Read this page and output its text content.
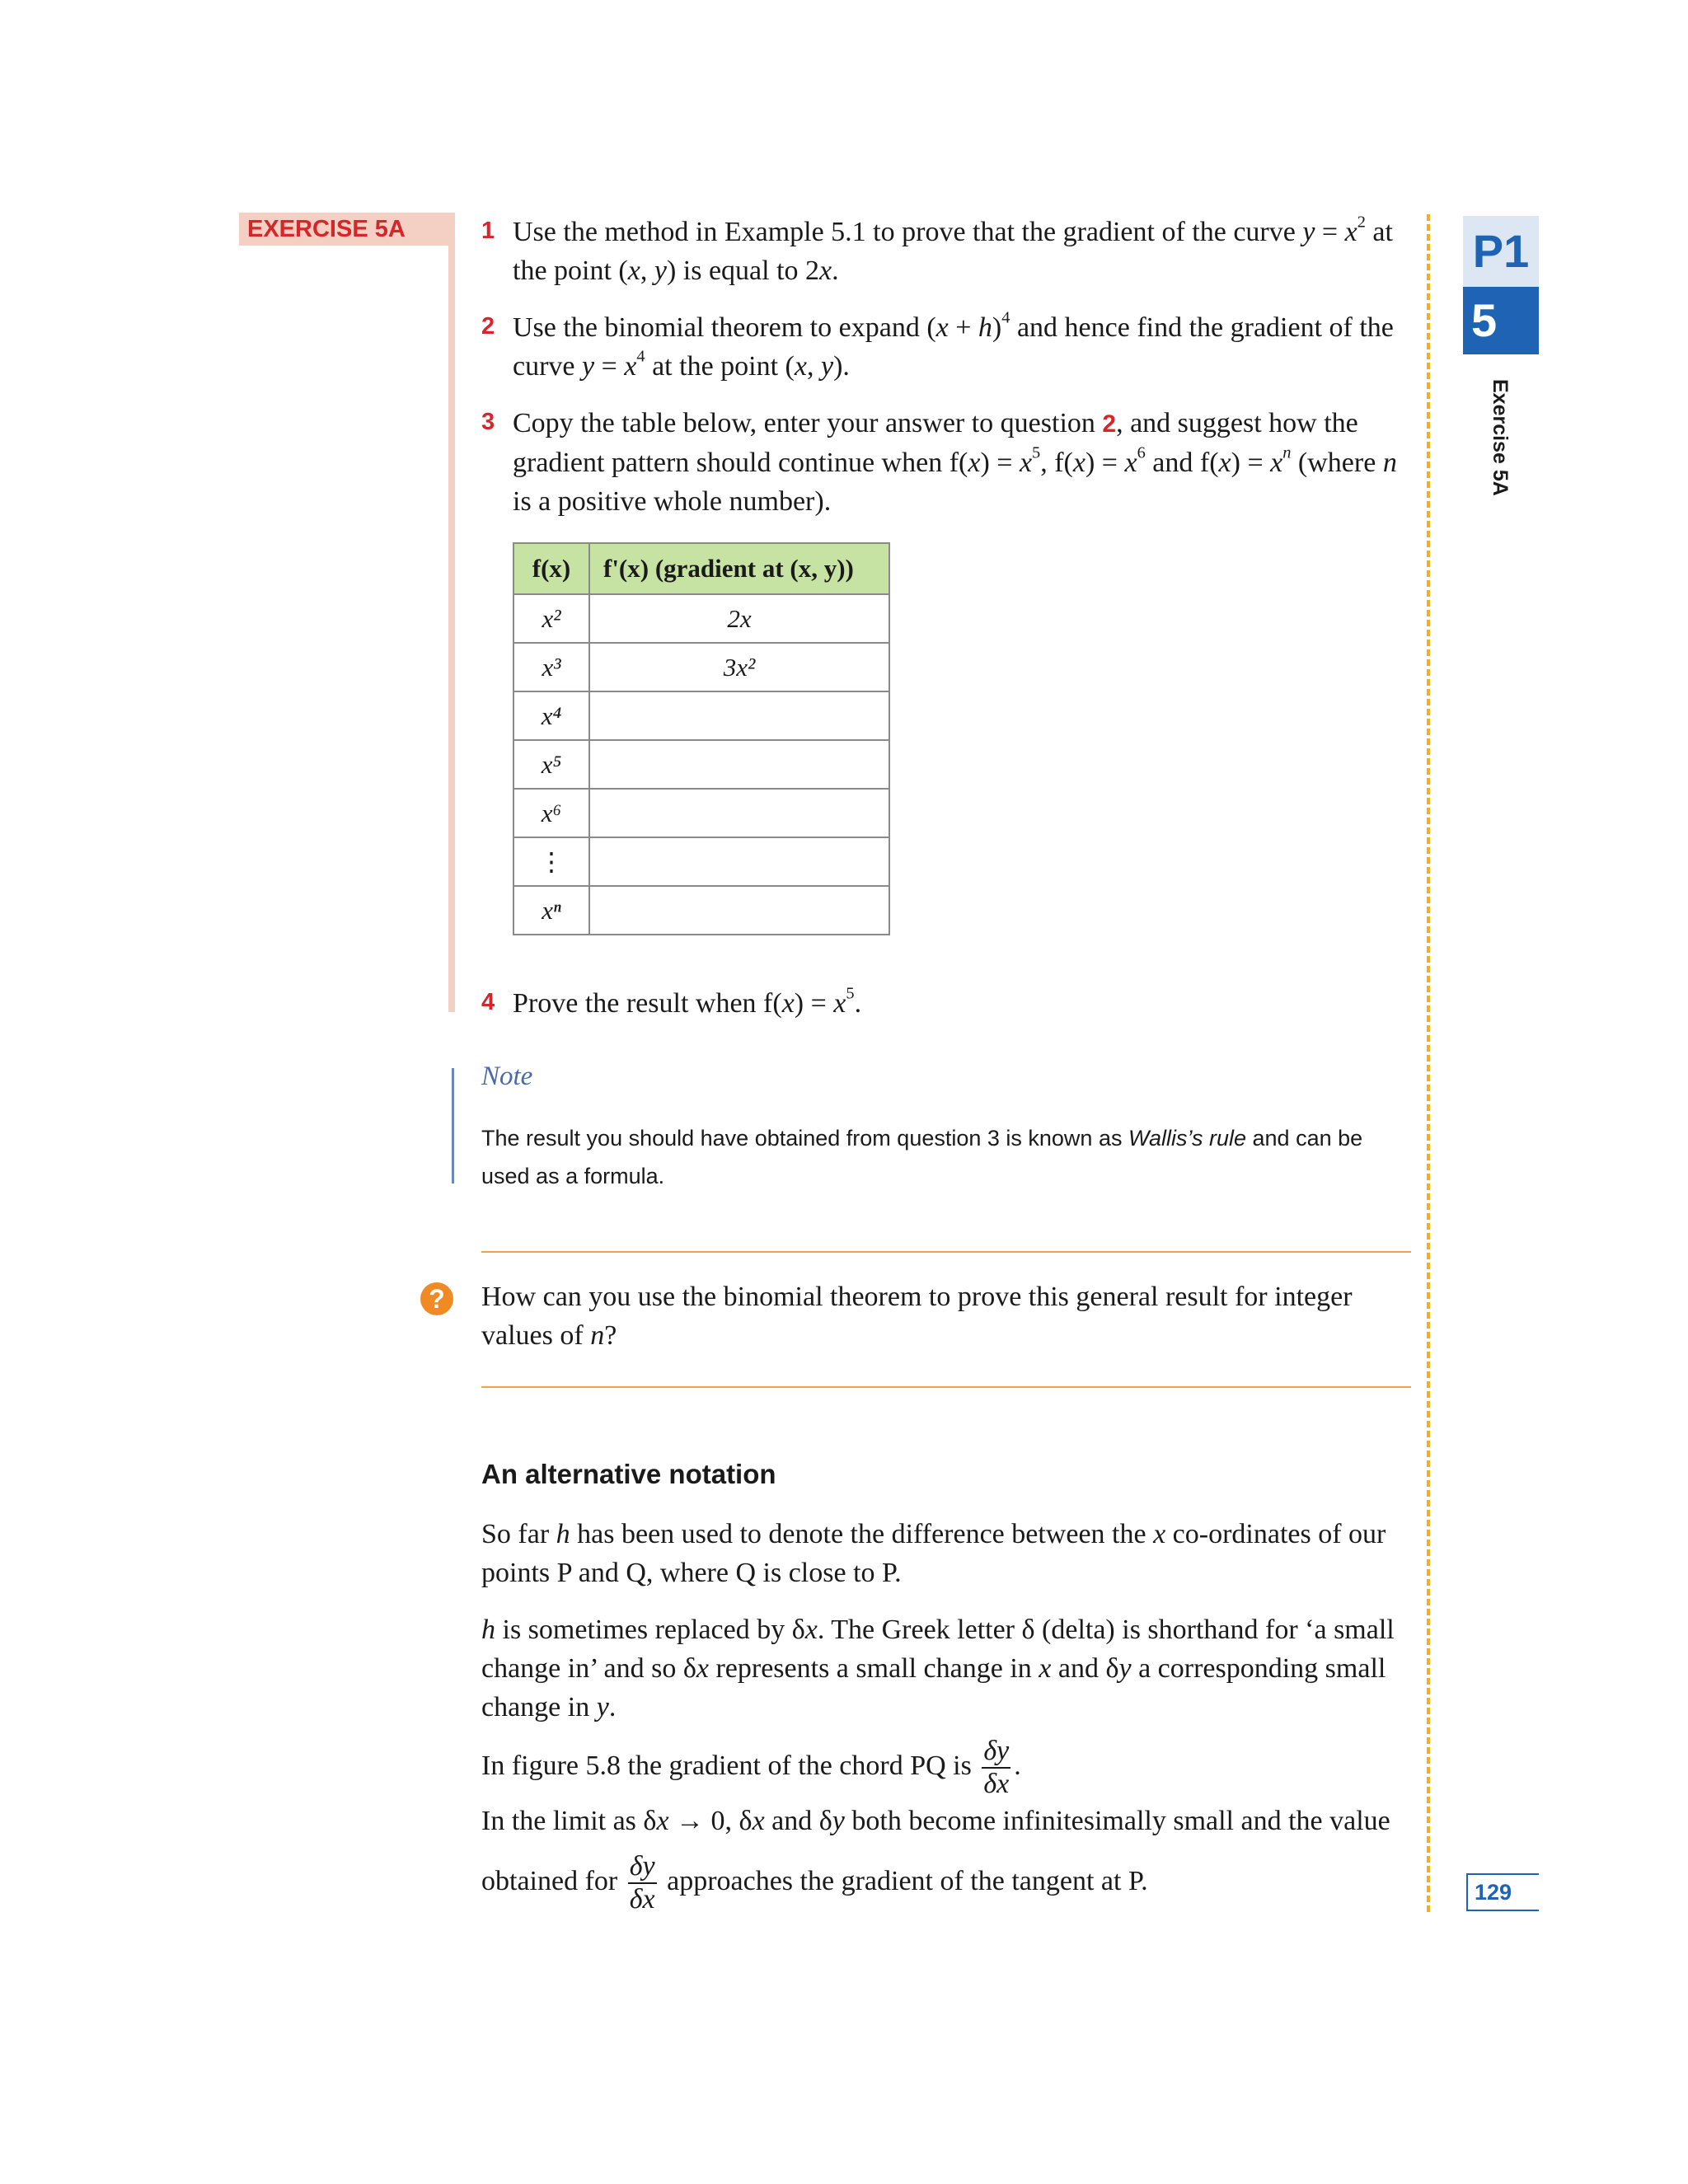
EXERCISE 5A	1 Use the method in Example 5.1 to prove that the gradient of the curve $y = x^2$ at the point (x, y) is equal to 2x.
2 Use the binomial theorem to expand $(x + h)^4$ and hence find the gradient of the curve $y = x^4$ at the point (x, y).
3 Copy the table below, enter your answer to question 2, and suggest how the gradient pattern should continue when $f(x) = x^5$, $f(x) = x^6$ and $f(x) = x^n$ (where n is a positive whole number).
f(x)	f'(x) (gradient at (x, y))
x²	2x
x³	3x²
x⁴	
x⁵	
x⁶	
⋮	
xⁿ	
4 Prove the result when $f(x) = x^5$.
Note
The result you should have obtained from question 3 is known as Wallis’s rule and can be used as a formula.
?	How can you use the binomial theorem to prove this general result for integer values of n?
An alternative notation
So far h has been used to denote the difference between the x co-ordinates of our points P and Q, where Q is close to P.
h is sometimes replaced by δx. The Greek letter δ (delta) is shorthand for ‘a small change in’ and so δx represents a small change in x and δy a corresponding small change in y.
In figure 5.8 the gradient of the chord PQ is $\frac{\delta y}{\delta x}$ .
In the limit as δx → 0, δx and δy both become infinitesimally small and the value
obtained for $\frac{\delta y}{\delta x}$ approaches the gradient of the tangent at P.
P1
5
Exercise 5A
129
